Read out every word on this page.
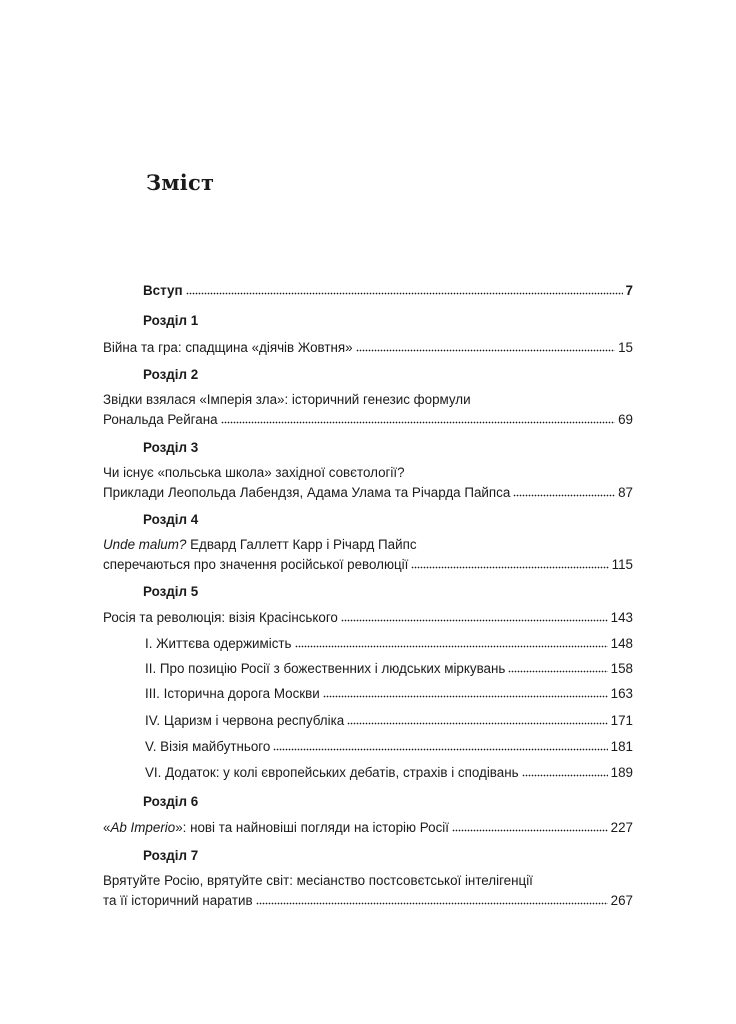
Зміст
Вступ	7
Розділ 1
Війна та гра: спадщина «діячів Жовтня»	15
Розділ 2
Звідки взялася «Імперія зла»: історичний генезис формули
Рональда Рейгана	69
Розділ 3
Чи існує «польська школа» західної совєтології?
Приклади Леопольда Лабендзя, Адама Улама та Річарда Пайпса	87
Розділ 4
Unde malum? Едвард Галлетт Карр і Річард Пайпс
сперечаються про значення російської революції	115
Розділ 5
Росія та революція: візія Красінського	143
I. Життєва одержимість	148
II. Про позицію Росії з божественних і людських міркувань	158
III. Історична дорога Москви	163
IV. Царизм і червона республіка	171
V. Візія майбутнього	181
VI. Додаток: у колі європейських дебатів, страхів і сподівань	189
Розділ 6
«Ab Imperio»: нові та найновіші погляди на історію Росії	227
Розділ 7
Врятуйте Росію, врятуйте світ: месіанство постсовєтської інтелігенції
та її історичний наратив	267
